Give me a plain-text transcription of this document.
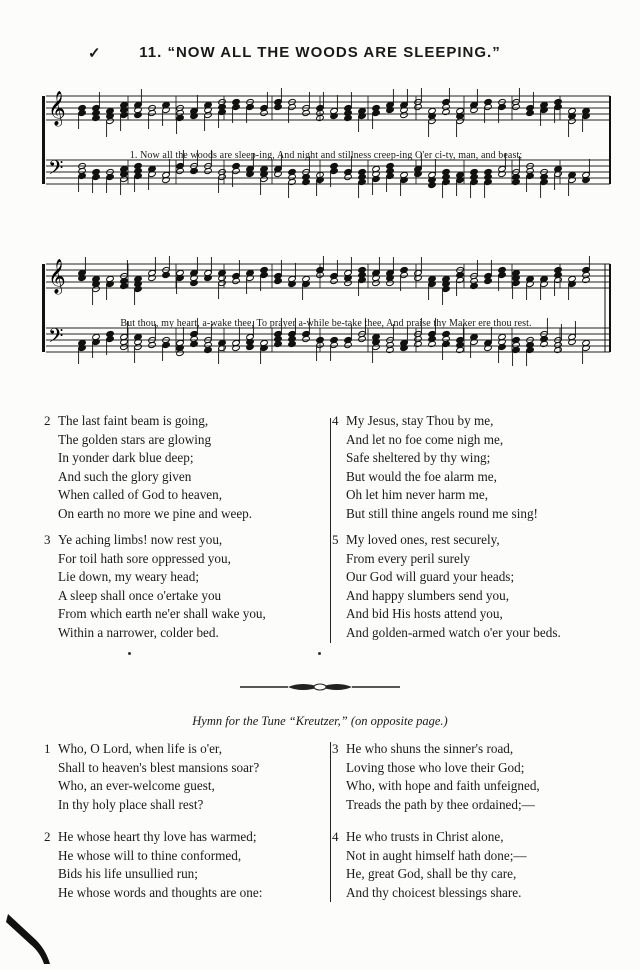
✓	11. “NOW ALL THE WOODS ARE SLEEPING.”
𝄞
𝄢
1. Now all the woods are sleep-ing, And night and stillness creep-ing O'er ci-ty, man, and beast;
𝄞
𝄢
But thou, my heart, a-wake thee, To prayer a-while be-take thee, And praise thy Maker ere thou rest.
2 The last faint beam is going,
The golden stars are glowing
In yonder dark blue deep;
And such the glory given
When called of God to heaven,
On earth no more we pine and weep.
3 Ye aching limbs! now rest you,
For toil hath sore oppressed you,
Lie down, my weary head;
A sleep shall once o'ertake you
From which earth ne'er shall wake you,
Within a narrower, colder bed.
4 My Jesus, stay Thou by me,
And let no foe come nigh me,
Safe sheltered by thy wing;
But would the foe alarm me,
Oh let him never harm me,
But still thine angels round me sing!
5 My loved ones, rest securely,
From every peril surely
Our God will guard your heads;
And happy slumbers send you,
And bid His hosts attend you,
And golden-armed watch o'er your beds.
Hymn for the Tune “Kreutzer,” (on opposite page.)
1 Who, O Lord, when life is o'er,
Shall to heaven's blest mansions soar?
Who, an ever-welcome guest,
In thy holy place shall rest?
2 He whose heart thy love has warmed;
He whose will to thine conformed,
Bids his life unsullied run;
He whose words and thoughts are one:
3 He who shuns the sinner's road,
Loving those who love their God;
Who, with hope and faith unfeigned,
Treads the path by thee ordained;—
4 He who trusts in Christ alone,
Not in aught himself hath done;—
He, great God, shall be thy care,
And thy choicest blessings share.
